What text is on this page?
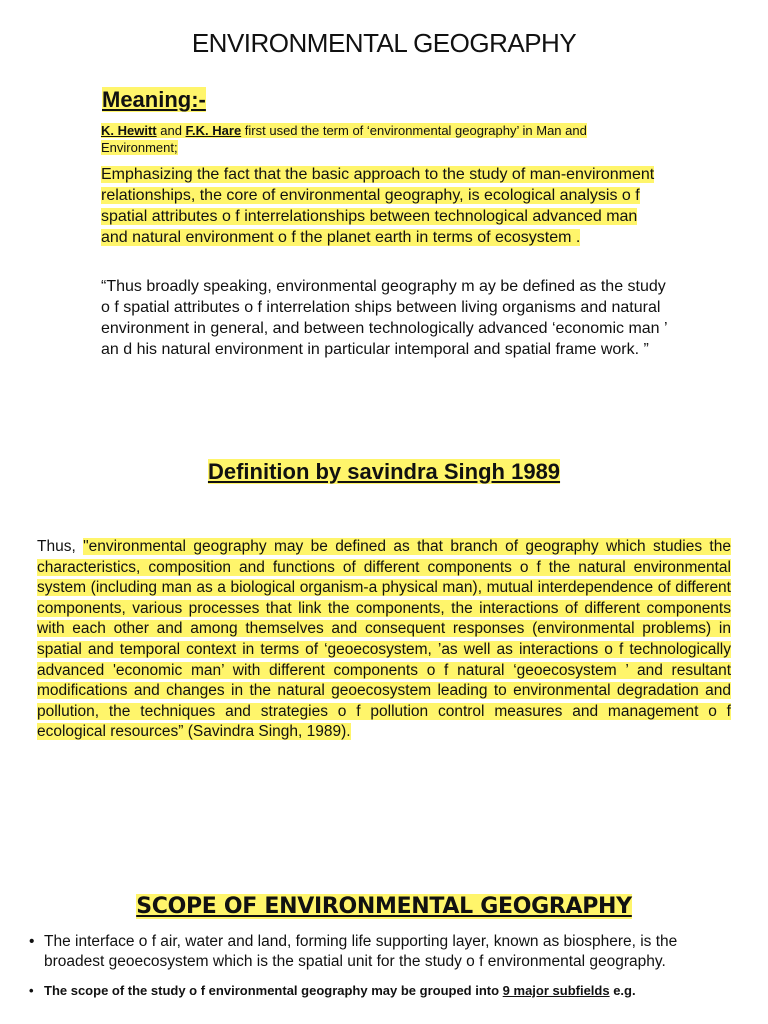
ENVIRONMENTAL GEOGRAPHY
Meaning:-
K. Hewitt and F.K. Hare first used the term of ‘environmental geography’ in Man and Environment;
Emphasizing the fact that the basic approach to the study of man-environment relationships, the core of environmental geography, is ecological analysis o f spatial attributes o f interrelationships between technological advanced man and natural environment o f the planet earth in terms of ecosystem .
“Thus broadly speaking, environmental geography m ay be defined as the study o f spatial attributes o f interrelation ships between living organisms and natural environment in general, and between technologically advanced ‘economic man ’ an d his natural environment in particular intemporal and spatial frame work. ”
Definition by savindra Singh 1989
Thus, "environmental geography may be defined as that branch of geography which studies the characteristics, composition and functions of different components o f the natural environmental system (including man as a biological organism-a physical man), mutual interdependence of different components, various processes that link the components, the interactions of different components with each other and among themselves and consequent responses (environmental problems) in spatial and temporal context in terms of ‘geoecosystem, ’as well as interactions o f technologically advanced 'economic man’ with different components o f natural ‘geoecosystem ’ and resultant modifications and changes in the natural geoecosystem leading to environmental degradation and pollution, the techniques and strategies o f pollution control measures and management o f ecological resources” (Savindra Singh, 1989).
SCOPE OF ENVIRONMENTAL GEOGRAPHY
• The interface o f air, water and land, forming life supporting layer, known as biosphere, is the broadest geoecosystem which is the spatial unit for the study o f environmental geography.
• The scope of the study o f environmental geography may be grouped into 9 major subfields e.g.
